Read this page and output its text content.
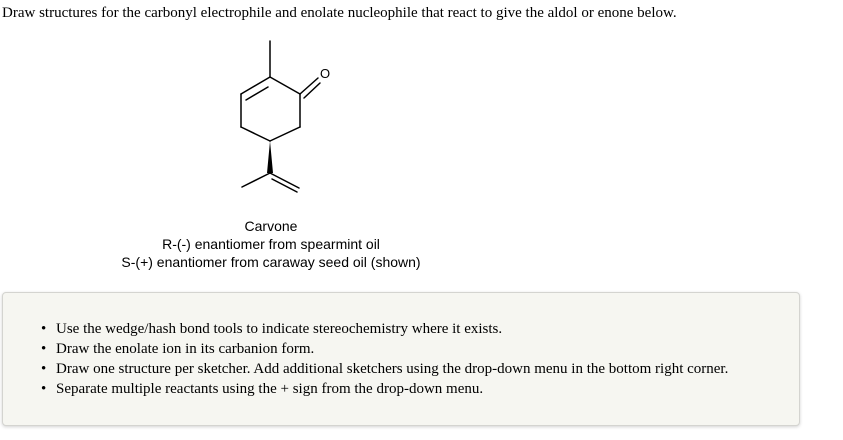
Draw structures for the carbonyl electrophile and enolate nucleophile that react to give the aldol or enone below.
O
Carvone
R-(-) enantiomer from spearmint oil
S-(+) enantiomer from caraway seed oil (shown)
• Use the wedge/hash bond tools to indicate stereochemistry where it exists.
• Draw the enolate ion in its carbanion form.
• Draw one structure per sketcher. Add additional sketchers using the drop-down menu in the bottom right corner.
• Separate multiple reactants using the + sign from the drop-down menu.
